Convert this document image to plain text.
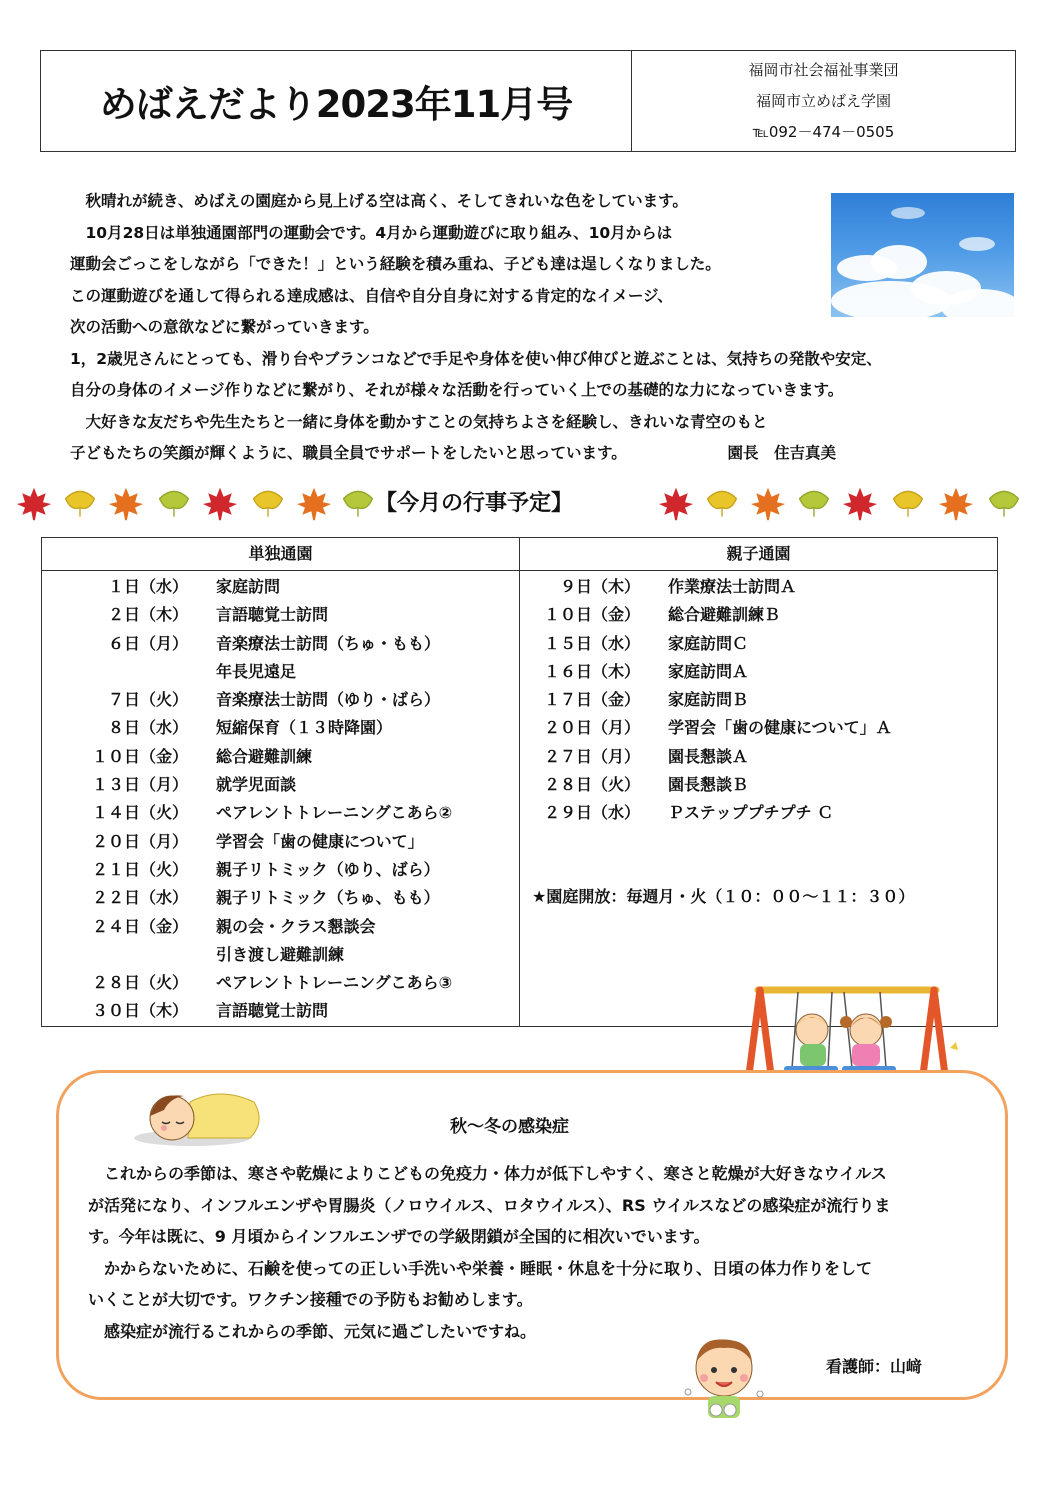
めばえだより2023年11月号
福岡市社会福祉事業団
福岡市立めばえ学園
℡092－474－0505

　秋晴れが続き、めばえの園庭から見上げる空は高く、そしてきれいな色をしています。

　10月28日は単独通園部門の運動会です。4月から運動遊びに取り組み、10月からは

運動会ごっこをしながら「できた！」という経験を積み重ね、子ども達は逞しくなりました。

この運動遊びを通して得られる達成感は、自信や自分自身に対する肯定的なイメージ、

次の活動への意欲などに繋がっていきます。

1，2歳児さんにとっても、滑り台やブランコなどで手足や身体を使い伸び伸びと遊ぶことは、気持ちの発散や安定、

自分の身体のイメージ作りなどに繋がり、それが様々な活動を行っていく上での基礎的な力になっていきます。

　大好きな友だちや先生たちと一緒に身体を動かすことの気持ちよさを経験し、きれいな青空のもと

子どもたちの笑顔が輝くように、職員全員でサポートをしたいと思っています。　　　　　　　園長　住吉真美

【今月の行事予定】
単独通園
１日（水）	家庭訪問
２日（木）	言語聴覚士訪問
６日（月）	音楽療法士訪問（ちゅ・もも）
年長児遠足
７日（火）	音楽療法士訪問（ゆり・ばら）
８日（水）	短縮保育（１３時降園）
１０日（金）	総合避難訓練
１３日（月）	就学児面談
１４日（火）	ペアレントトレーニングこあら②
２０日（月）	学習会「歯の健康について」
２１日（火）	親子リトミック（ゆり、ばら）
２２日（水）	親子リトミック（ちゅ、もも）
２４日（金）	親の会・クラス懇談会
引き渡し避難訓練
２８日（火）	ペアレントトレーニングこあら③
３０日（木）	言語聴覚士訪問
親子通園
９日（木）	作業療法士訪問Ａ
１０日（金）	総合避難訓練Ｂ
１５日（水）	家庭訪問Ｃ
１６日（木）	家庭訪問Ａ
１７日（金）	家庭訪問Ｂ
２０日（月）	学習会「歯の健康について」Ａ
２７日（月）	園長懇談Ａ
２８日（火）	園長懇談Ｂ
２９日（水）	Ｐステッププチプチ Ｃ
★園庭開放：毎週月・火（１０：００～１１：３０）
秋～冬の感染症

　これからの季節は、寒さや乾燥によりこどもの免疫力・体力が低下しやすく、寒さと乾燥が大好きなウイルス

が活発になり、インフルエンザや胃腸炎（ノロウイルス、ロタウイルス）、RS ウイルスなどの感染症が流行りま

す。今年は既に、9 月頃からインフルエンザでの学級閉鎖が全国的に相次いでいます。

　かからないために、石鹸を使っての正しい手洗いや栄養・睡眠・休息を十分に取り、日頃の体力作りをして

いくことが大切です。ワクチン接種での予防もお勧めします。

　感染症が流行るこれからの季節、元気に過ごしたいですね。

看護師：山﨑
